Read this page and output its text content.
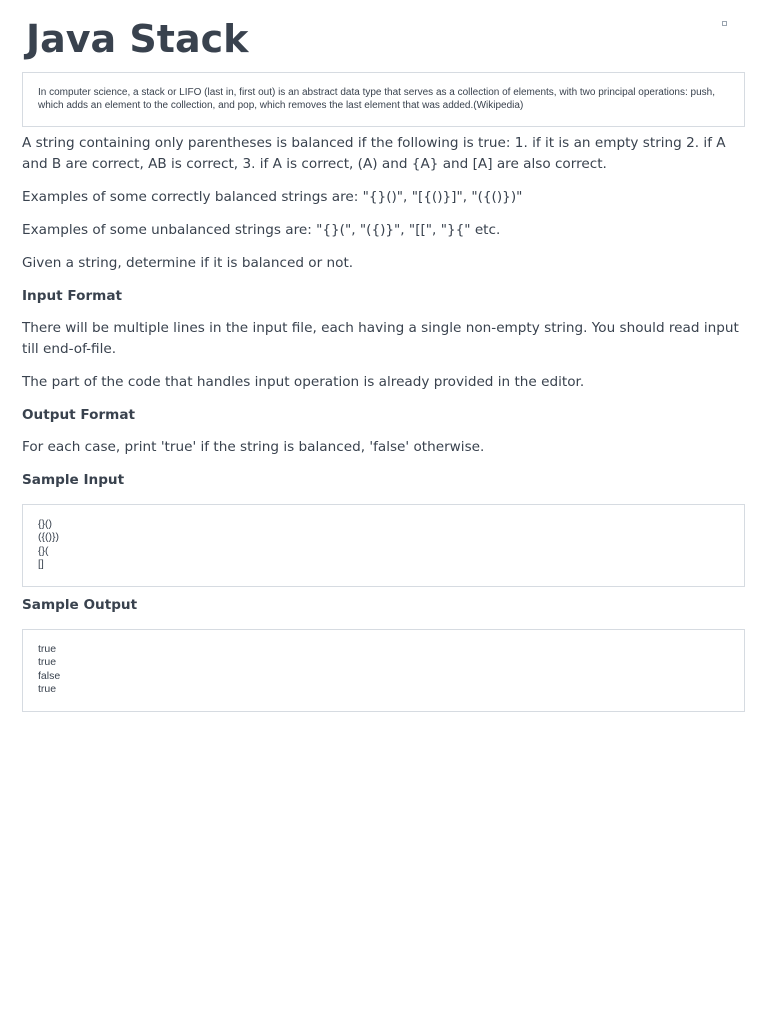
Java Stack
In computer science, a stack or LIFO (last in, first out) is an abstract data type that serves as a collection of elements, with two principal operations: push, which adds an element to the collection, and pop, which removes the last element that was added.(Wikipedia)

A string containing only parentheses is balanced if the following is true: 1. if it is an empty string 2. if A and B are correct, AB is correct, 3. if A is correct, (A) and {A} and [A] are also correct.

Examples of some correctly balanced strings are: "{}()", "[{()}]", "({()})"

Examples of some unbalanced strings are: "{}(", "({)}", "[[", "}{" etc.

Given a string, determine if it is balanced or not.

Input Format

There will be multiple lines in the input file, each having a single non-empty string. You should read input till end-of-file.

The part of the code that handles input operation is already provided in the editor.

Output Format

For each case, print 'true' if the string is balanced, 'false' otherwise.

Sample Input
{}()
({()})
{}(
[]
Sample Output
true
true
false
true
